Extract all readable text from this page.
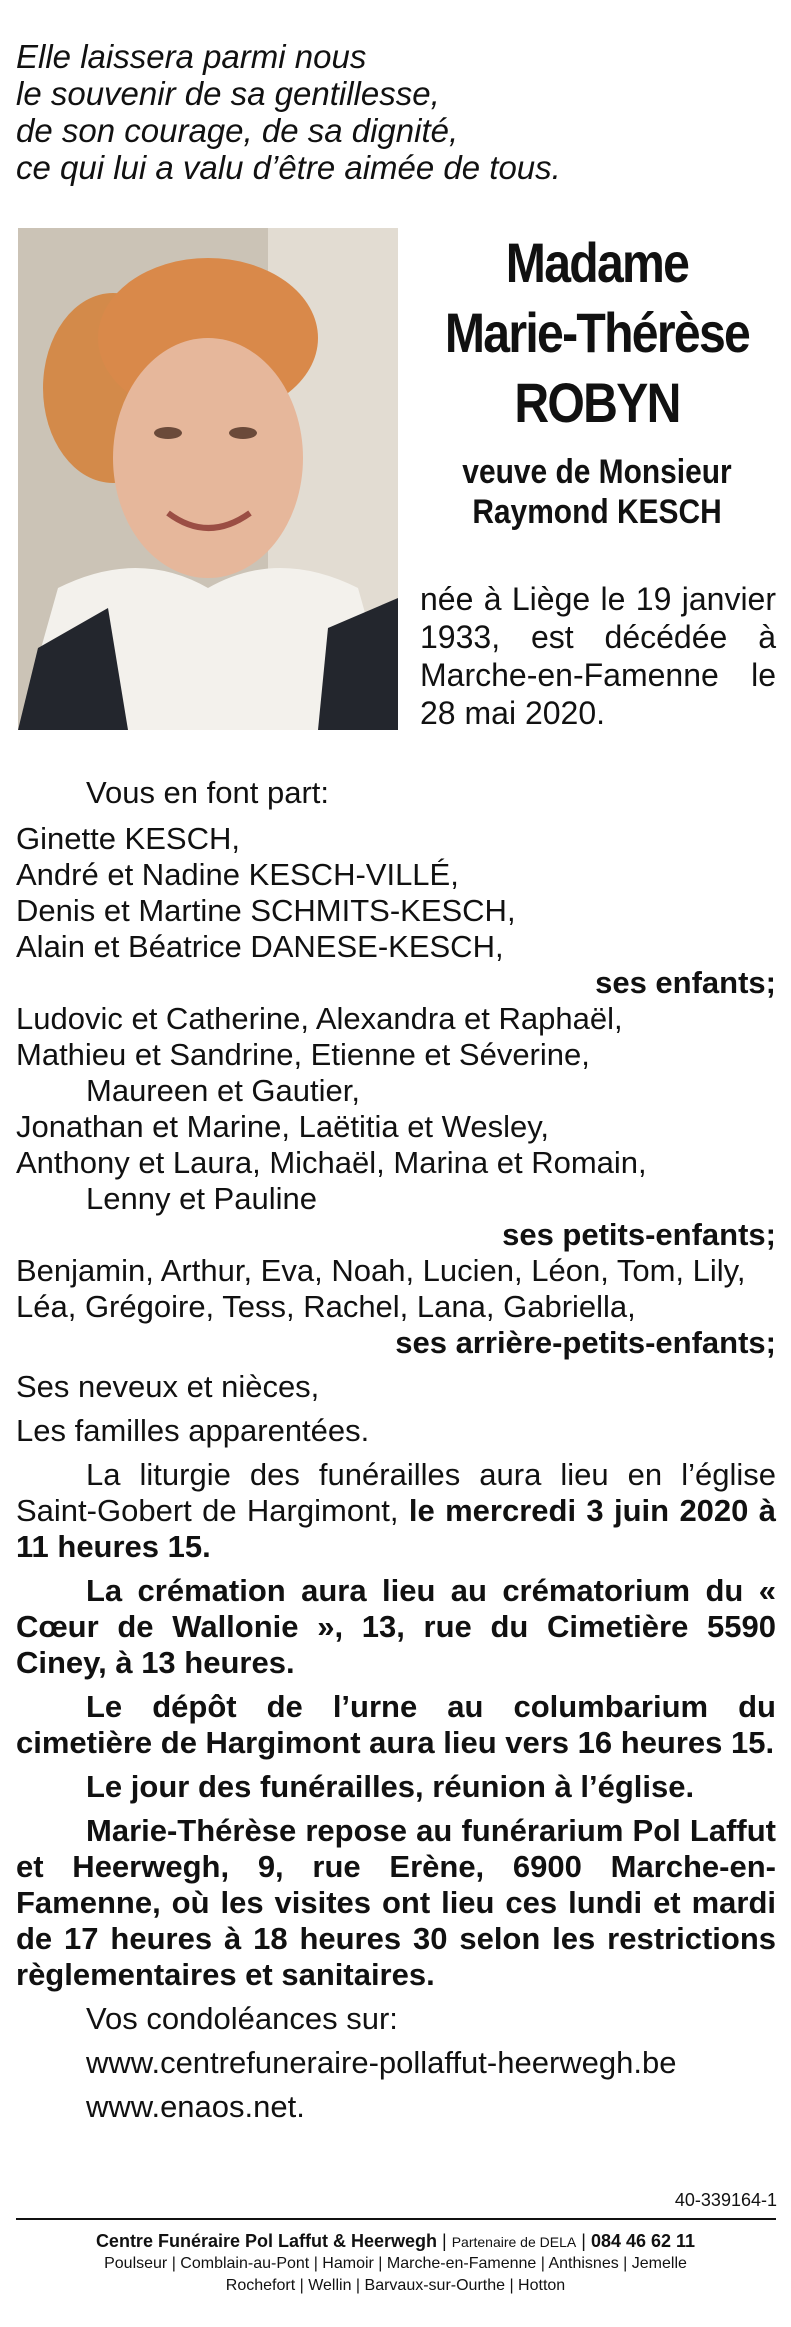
Elle laissera parmi nous
le souvenir de sa gentillesse,
de son courage, de sa dignité,
ce qui lui a valu d’être aimée de tous.
Madame
Marie-Thérèse
ROBYN
veuve de Monsieur
Raymond KESCH
née à Liège le 19 janvier 1933, est décédée à Marche-en-Famenne le 28 mai 2020.
Vous en font part:
Ginette KESCH,
André et Nadine KESCH-VILLÉ,
Denis et Martine SCHMITS-KESCH,
Alain et Béatrice DANESE-KESCH,
ses enfants;
Ludovic et Catherine, Alexandra et Raphaël,
Mathieu et Sandrine, Etienne et Séverine,
Maureen et Gautier,
Jonathan et Marine, Laëtitia et Wesley,
Anthony et Laura, Michaël, Marina et Romain,
Lenny et Pauline
ses petits-enfants;
Benjamin, Arthur, Eva, Noah, Lucien, Léon, Tom, Lily,
Léa, Grégoire, Tess, Rachel, Lana, Gabriella,
ses arrière-petits-enfants;
Ses neveux et nièces,
Les familles apparentées.
La liturgie des funérailles aura lieu en l’église Saint-Gobert de Hargimont, le mercredi 3 juin 2020 à 11 heures 15.
La crémation aura lieu au crématorium du « Cœur de Wallonie », 13, rue du Cimetière 5590 Ciney, à 13 heures.
Le dépôt de l’urne au columbarium du cimetière de Hargimont aura lieu vers 16 heures 15.
Le jour des funérailles, réunion à l’église.
Marie-Thérèse repose au funérarium Pol Laffut et Heerwegh, 9, rue Erène, 6900 Marche-en-Famenne, où les visites ont lieu ces lundi et mardi de 17 heures à 18 heures 30 selon les restrictions règlementaires et sanitaires.
Vos condoléances sur:
www.centrefuneraire-pollaffut-heerwegh.be
www.enaos.net.
40-339164-1
Centre Funéraire Pol Laffut & Heerwegh | Partenaire de DELA | 084 46 62 11
Poulseur | Comblain-au-Pont | Hamoir | Marche-en-Famenne | Anthisnes | Jemelle
Rochefort | Wellin | Barvaux-sur-Ourthe | Hotton
